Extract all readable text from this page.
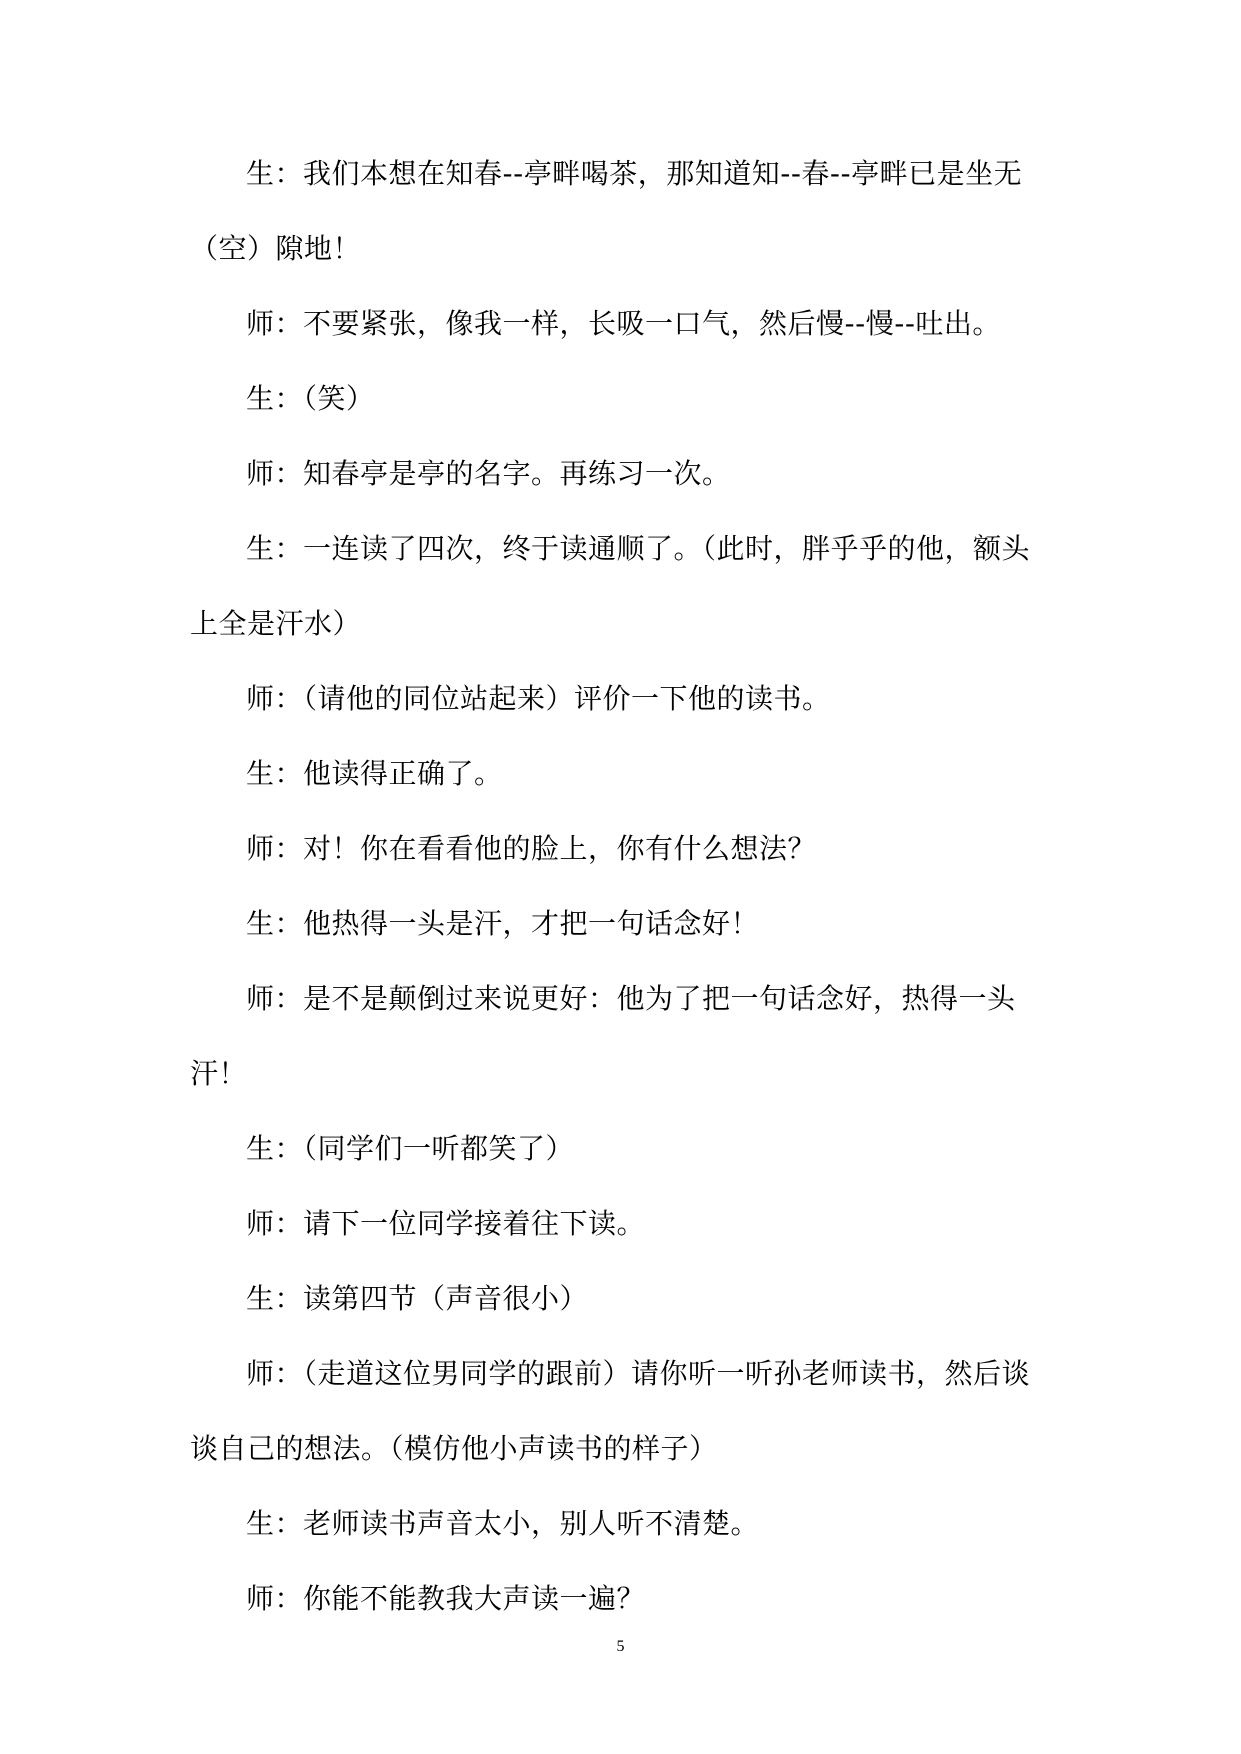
生：我们本想在知春--亭畔喝茶，那知道知--春--亭畔已是坐无（空）隙地！

师：不要紧张，像我一样，长吸一口气，然后慢--慢--吐出。

生：（笑）

师：知春亭是亭的名字。再练习一次。

生：一连读了四次，终于读通顺了。（此时，胖乎乎的他，额头上全是汗水）

师：（请他的同位站起来）评价一下他的读书。

生：他读得正确了。

师：对！你在看看他的脸上，你有什么想法？

生：他热得一头是汗，才把一句话念好！

师：是不是颠倒过来说更好：他为了把一句话念好，热得一头汗！

生：（同学们一听都笑了）

师：请下一位同学接着往下读。

生：读第四节（声音很小）

师：（走道这位男同学的跟前）请你听一听孙老师读书，然后谈谈自己的想法。（模仿他小声读书的样子）

生：老师读书声音太小，别人听不清楚。

师：你能不能教我大声读一遍？

5
